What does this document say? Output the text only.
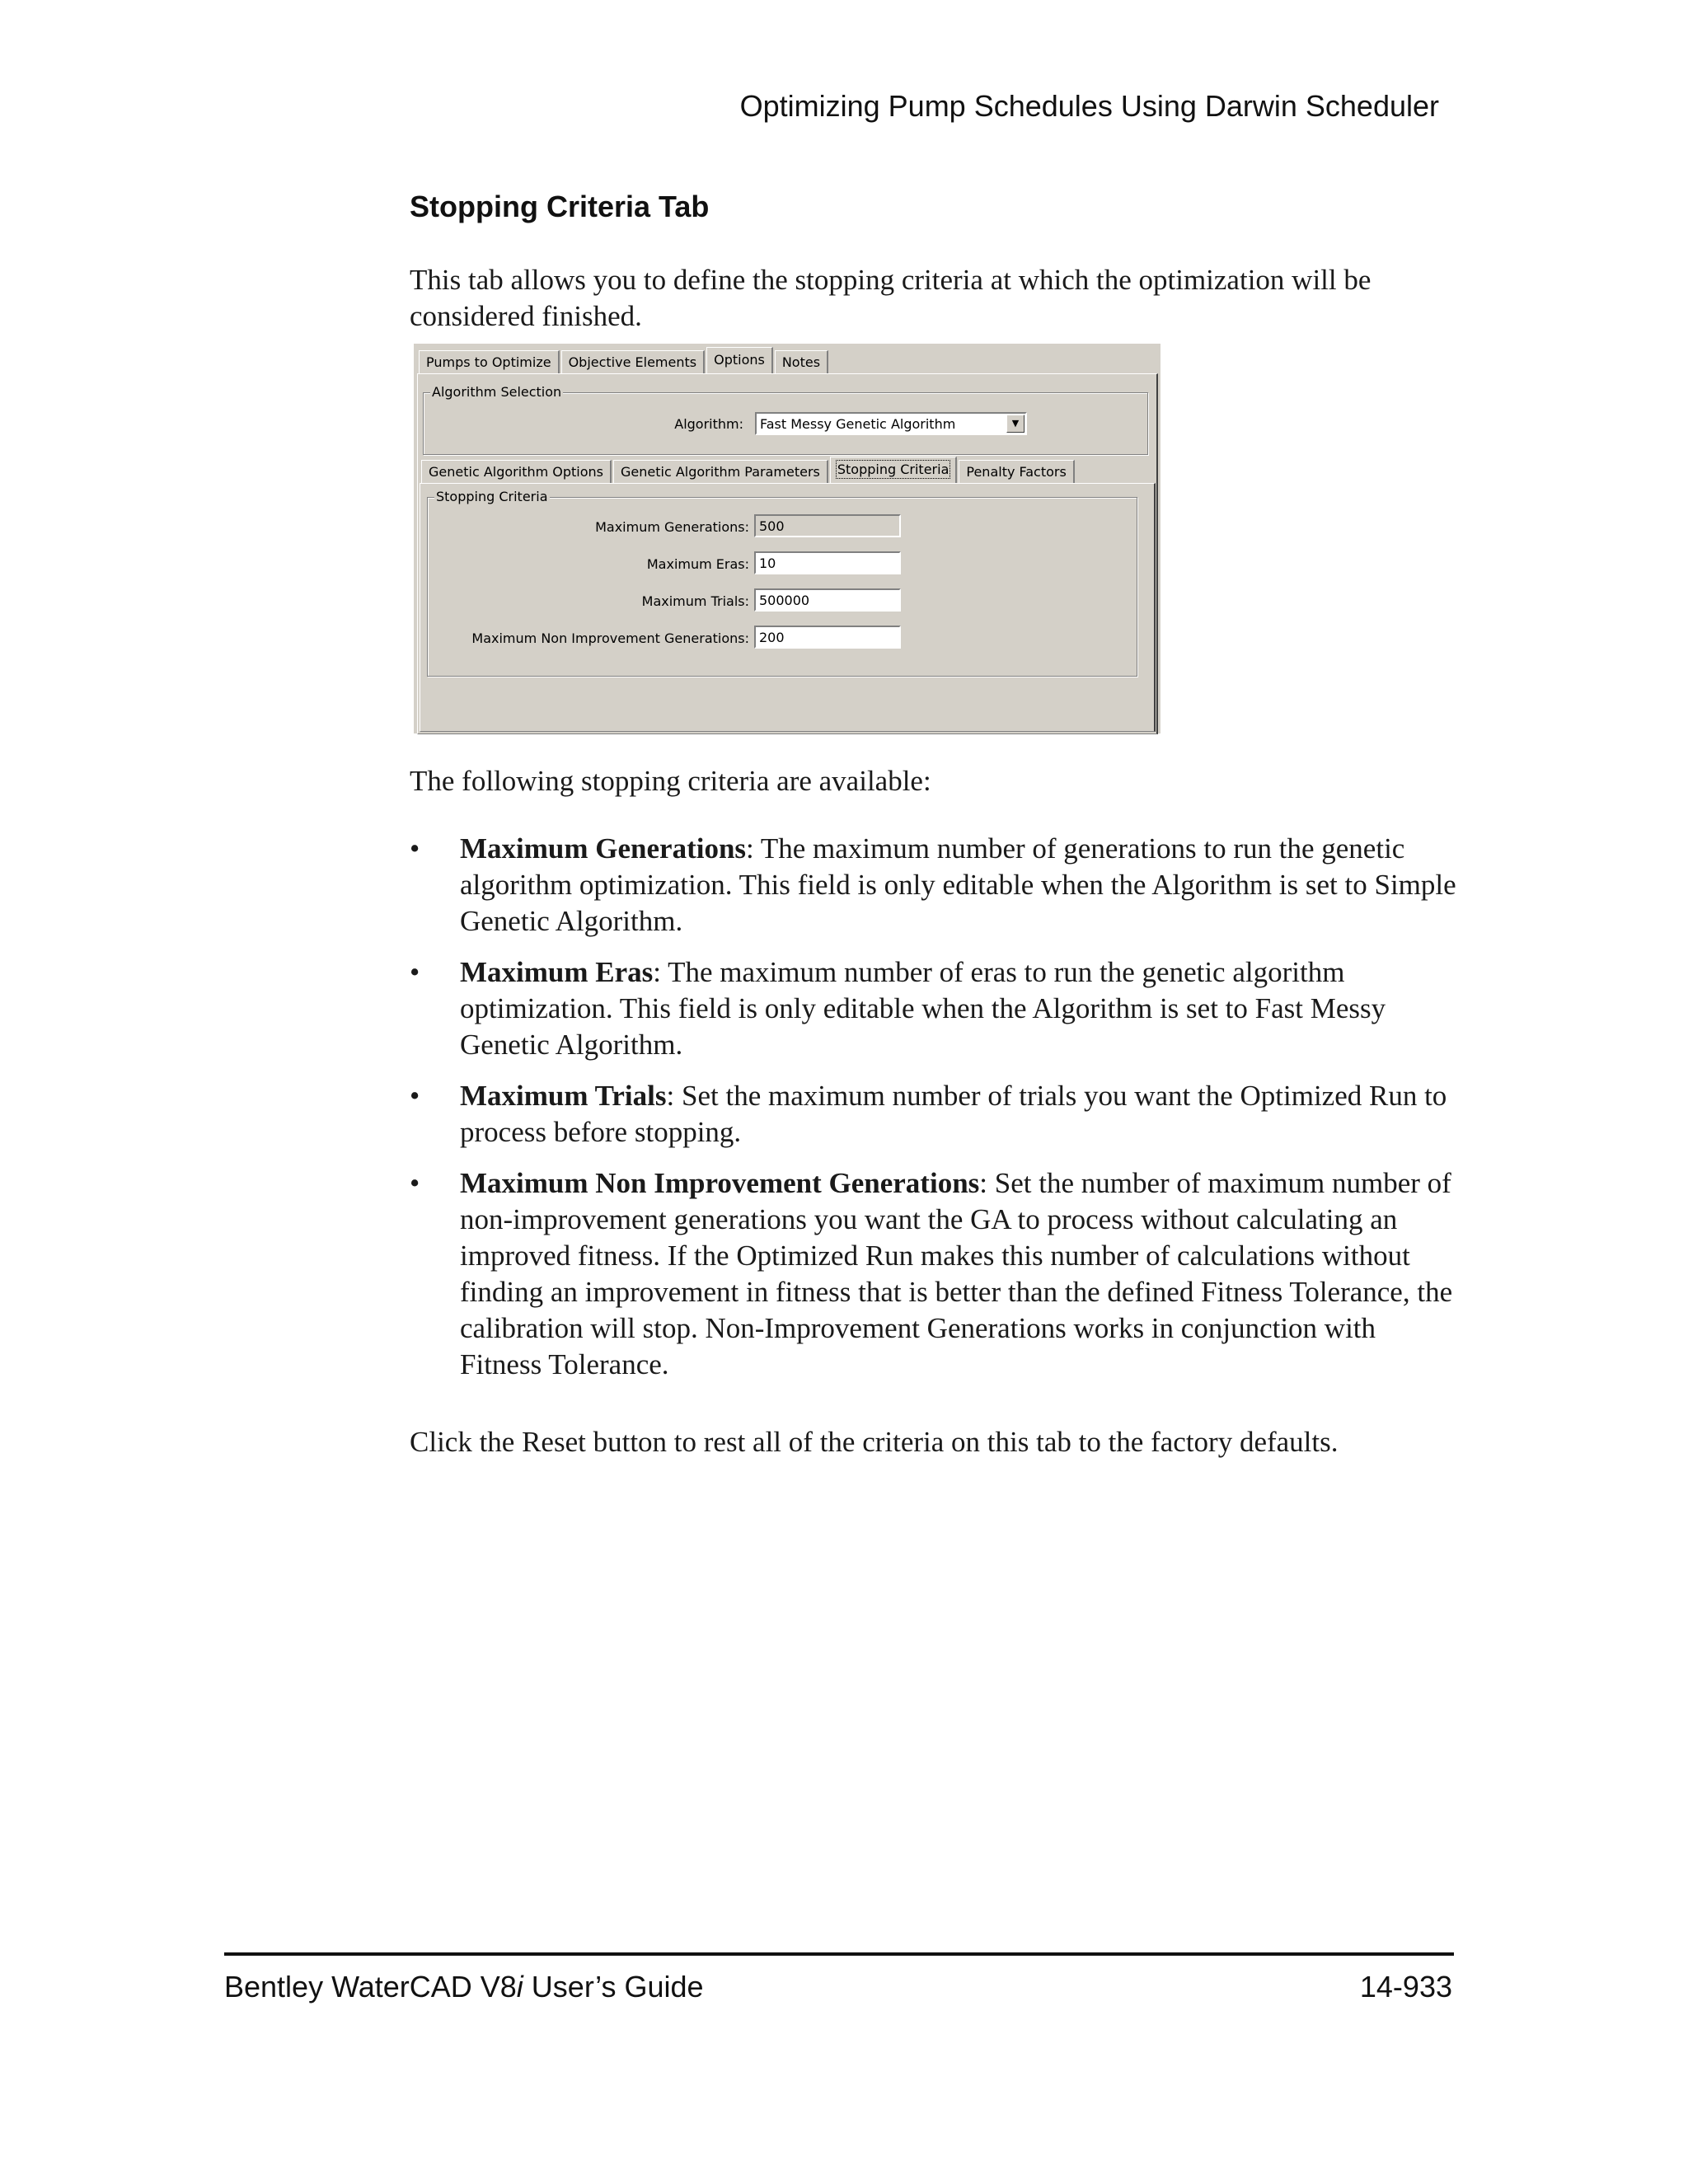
Optimizing Pump Schedules Using Darwin Scheduler
Stopping Criteria Tab

This tab allows you to define the stopping criteria at which the optimization will be considered finished.

Pumps to Optimize	Objective Elements	Options	Notes
Algorithm Selection
Algorithm:	Fast Messy Genetic Algorithm	▼
Genetic Algorithm Options	Genetic Algorithm Parameters	Stopping Criteria	Penalty Factors
Stopping Criteria
Maximum Generations: 500
Maximum Eras: 10
Maximum Trials: 500000
Maximum Non Improvement Generations: 200

The following stopping criteria are available:

• Maximum Generations: The maximum number of generations to run the genetic algorithm optimization. This field is only editable when the Algorithm is set to Simple Genetic Algorithm.
• Maximum Eras: The maximum number of eras to run the genetic algorithm optimization. This field is only editable when the Algorithm is set to Fast Messy Genetic Algorithm.
• Maximum Trials: Set the maximum number of trials you want the Optimized Run to process before stopping.
• Maximum Non Improvement Generations: Set the number of maximum number of non-improvement generations you want the GA to process without calculating an improved fitness. If the Optimized Run makes this number of calculations without finding an improvement in fitness that is better than the defined Fitness Tolerance, the calibration will stop. Non-Improvement Generations works in conjunction with Fitness Tolerance.

Click the Reset button to rest all of the criteria on this tab to the factory defaults.

Bentley WaterCAD V8i User’s Guide	14-933
